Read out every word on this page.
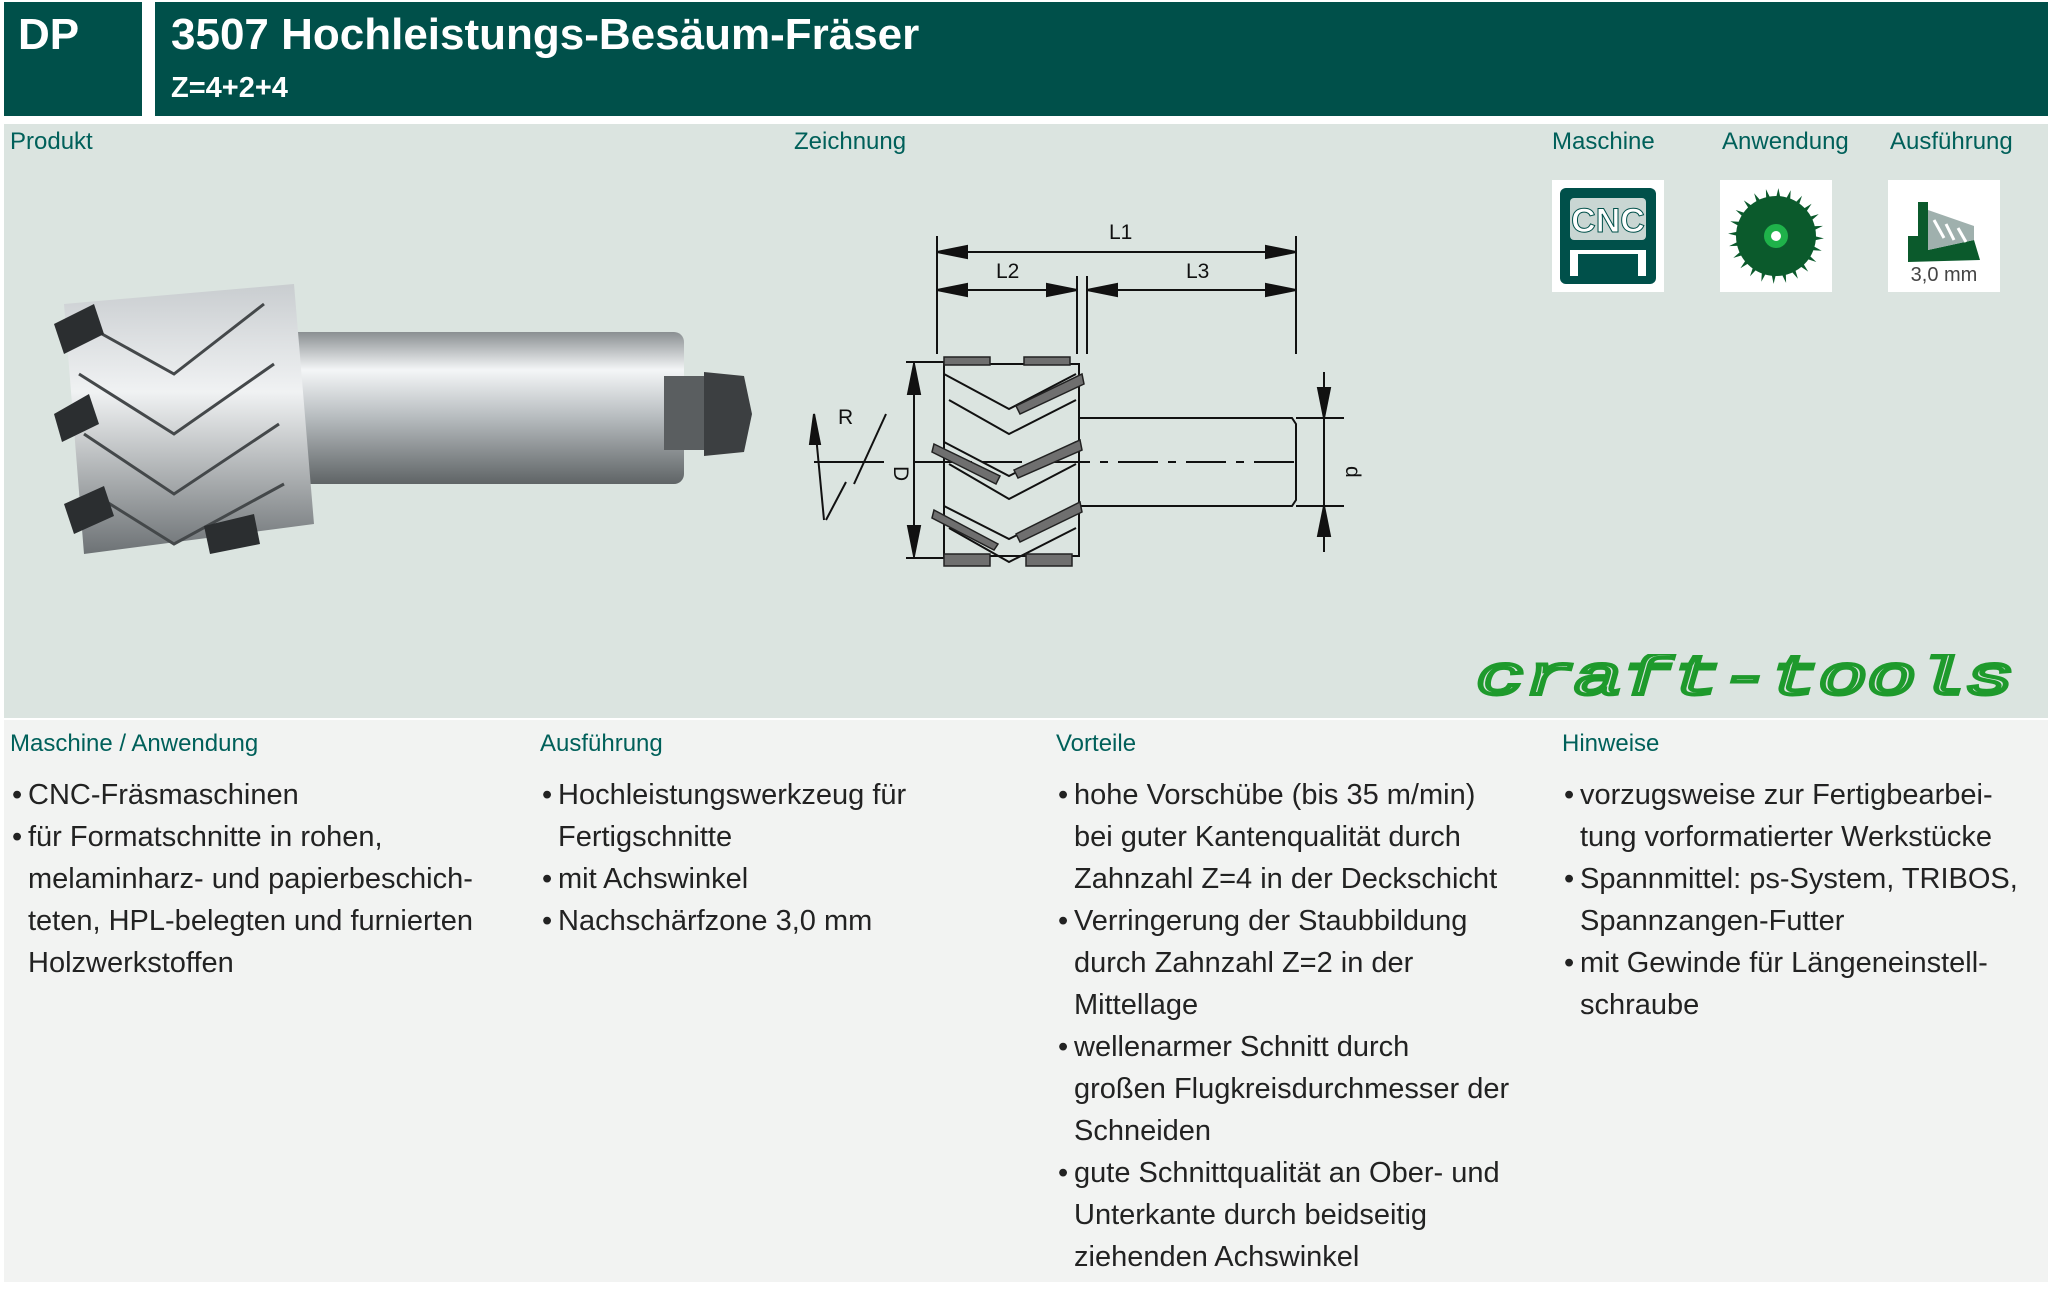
DP 3507 Hochleistungs-Besäum-Fräser
Z=4+2+4
Produkt	Zeichnung	Maschine	Anwendung Ausführung
L1
L2	L3
R
D	d
CNC
3,0 mm
craft-tools
Maschine / Anwendung
• CNC-Fräsmaschinen
• für Formatschnitte in rohen,
melaminharz- und papierbeschich-
teten, HPL-belegten und furnierten
Holzwerkstoffen
Ausführung
• Hochleistungswerkzeug für
Fertigschnitte
• mit Achswinkel
• Nachschärfzone 3,0 mm
Vorteile
• hohe Vorschübe (bis 35 m/min)
bei guter Kantenqualität durch
Zahnzahl Z=4 in der Deckschicht
• Verringerung der Staubbildung
durch Zahnzahl Z=2 in der
Mittellage
• wellenarmer Schnitt durch
großen Flugkreisdurchmesser der
Schneiden
• gute Schnittqualität an Ober- und
Unterkante durch beidseitig
ziehenden Achswinkel
Hinweise
• vorzugsweise zur Fertigbearbei-
tung vorformatierter Werkstücke
• Spannmittel: ps-System, TRIBOS,
Spannzangen-Futter
• mit Gewinde für Längeneinstell-
schraube
